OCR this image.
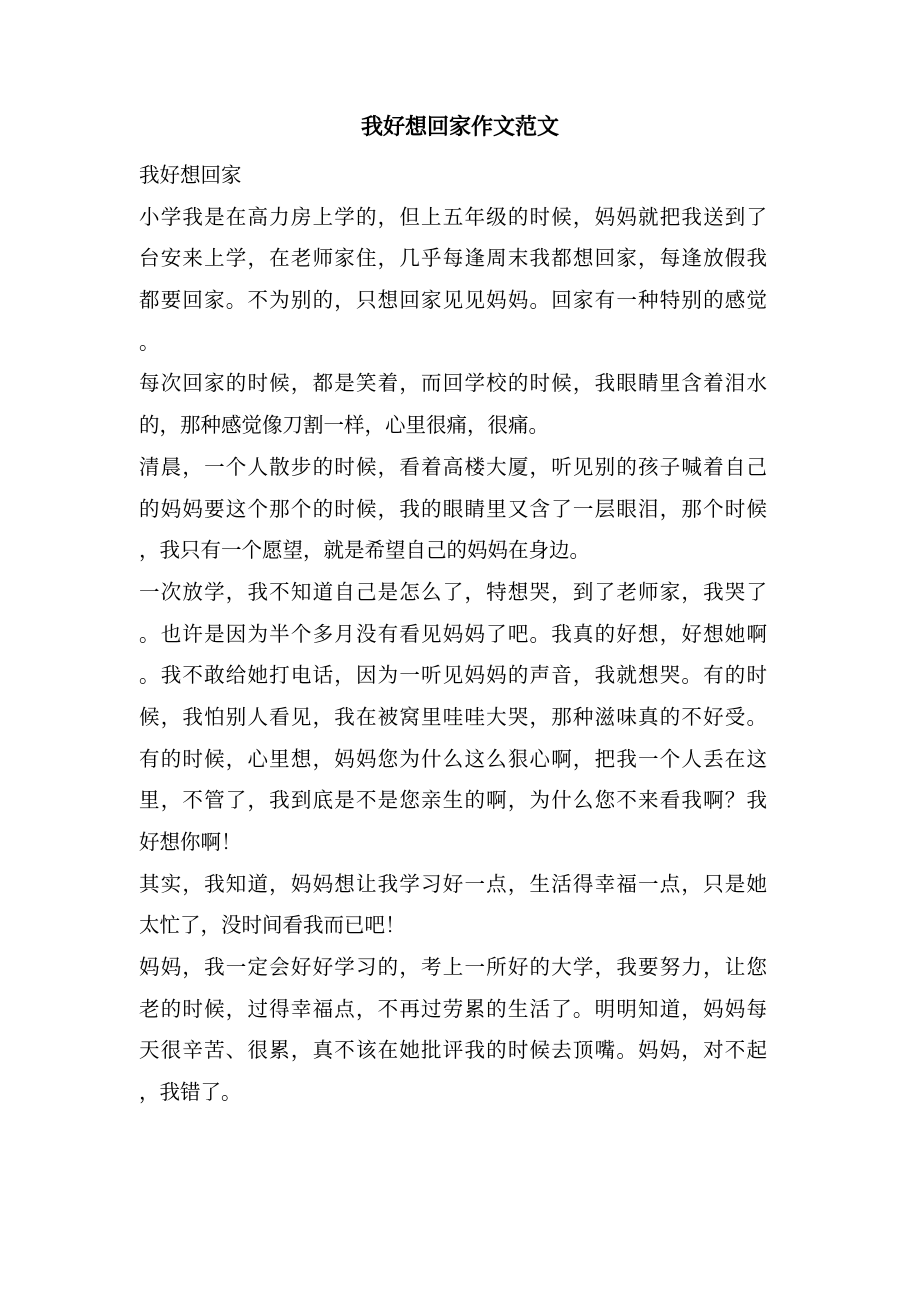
我好想回家作文范文
我好想回家
小学我是在高力房上学的，但上五年级的时候，妈妈就把我送到了
台安来上学，在老师家住，几乎每逢周末我都想回家，每逢放假我
都要回家。不为别的，只想回家见见妈妈。回家有一种特别的感觉
。
每次回家的时候，都是笑着，而回学校的时候，我眼睛里含着泪水
的，那种感觉像刀割一样，心里很痛，很痛。
清晨，一个人散步的时候，看着高楼大厦，听见别的孩子喊着自己
的妈妈要这个那个的时候，我的眼睛里又含了一层眼泪，那个时候
，我只有一个愿望，就是希望自己的妈妈在身边。
一次放学，我不知道自己是怎么了，特想哭，到了老师家，我哭了
。也许是因为半个多月没有看见妈妈了吧。我真的好想，好想她啊
。我不敢给她打电话，因为一听见妈妈的声音，我就想哭。有的时
候，我怕别人看见，我在被窝里哇哇大哭，那种滋味真的不好受。
有的时候，心里想，妈妈您为什么这么狠心啊，把我一个人丢在这
里，不管了，我到底是不是您亲生的啊，为什么您不来看我啊？我
好想你啊！
其实，我知道，妈妈想让我学习好一点，生活得幸福一点，只是她
太忙了，没时间看我而已吧！
妈妈，我一定会好好学习的，考上一所好的大学，我要努力，让您
老的时候，过得幸福点，不再过劳累的生活了。明明知道，妈妈每
天很辛苦、很累，真不该在她批评我的时候去顶嘴。妈妈，对不起
，我错了。
